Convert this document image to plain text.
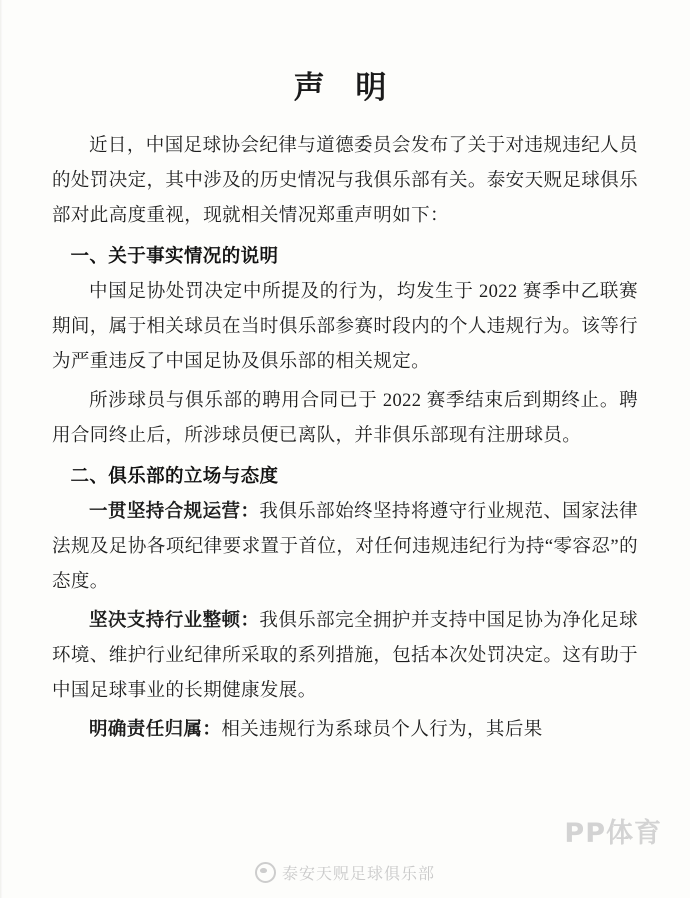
声 明

近日，中国足球协会纪律与道德委员会发布了关于对违规违纪人员的处罚决定，其中涉及的历史情况与我俱乐部有关。泰安天贶足球俱乐部对此高度重视，现就相关情况郑重声明如下：

一、关于事实情况的说明

中国足协处罚决定中所提及的行为，均发生于 2022 赛季中乙联赛期间，属于相关球员在当时俱乐部参赛时段内的个人违规行为。该等行为严重违反了中国足协及俱乐部的相关规定。

所涉球员与俱乐部的聘用合同已于 2022 赛季结束后到期终止。聘用合同终止后，所涉球员便已离队，并非俱乐部现有注册球员。

二、俱乐部的立场与态度

一贯坚持合规运营：我俱乐部始终坚持将遵守行业规范、国家法律法规及足协各项纪律要求置于首位，对任何违规违纪行为持“零容忍”的态度。

坚决支持行业整顿：我俱乐部完全拥护并支持中国足协为净化足球环境、维护行业纪律所采取的系列措施，包括本次处罚决定。这有助于中国足球事业的长期健康发展。

明确责任归属：相关违规行为系球员个人行为，其后果

PP体育
泰安天贶足球俱乐部
